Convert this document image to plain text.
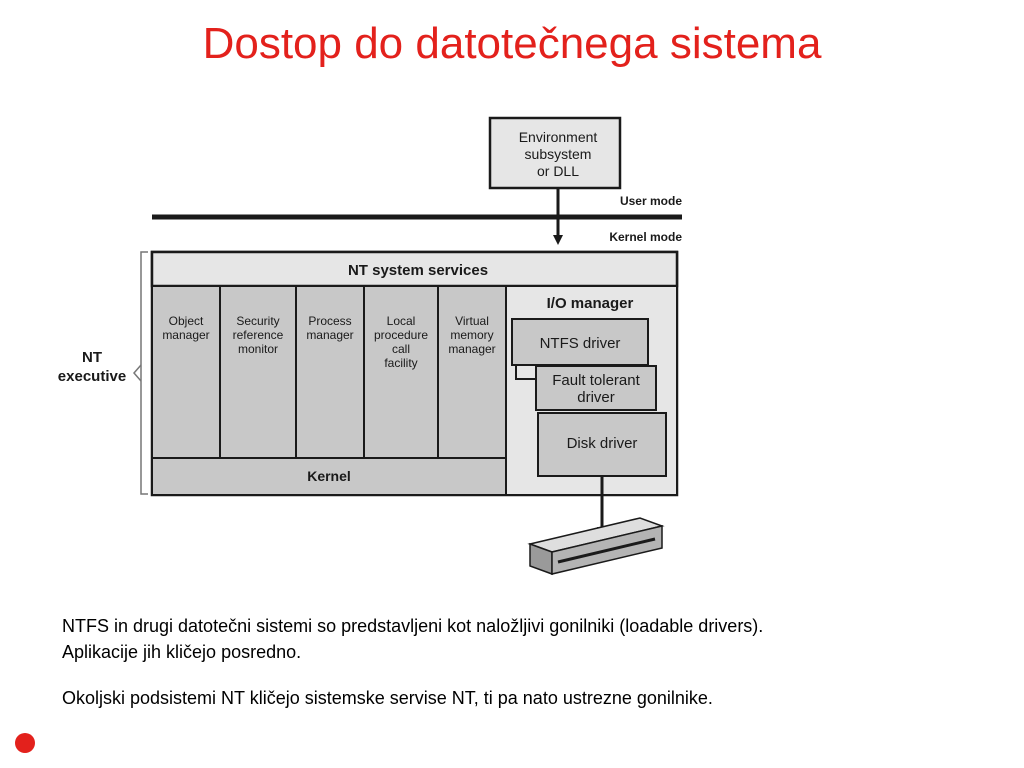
Dostop do datotečnega sistema
Environment
subsystem
or DLL
User mode
Kernel mode
NT
executive
NT system services
Object
manager
Security
reference
monitor
Process
manager
Local
procedure
call
facility
Virtual
memory
manager
Kernel
I/O manager
NTFS driver
Fault tolerant
driver
Disk driver
NTFS in drugi datotečni sistemi so predstavljeni kot naložljivi gonilniki (loadable drivers).
Aplikacije jih kličejo posredno.
Okoljski podsistemi NT kličejo sistemske servise NT, ti pa nato ustrezne gonilnike.
